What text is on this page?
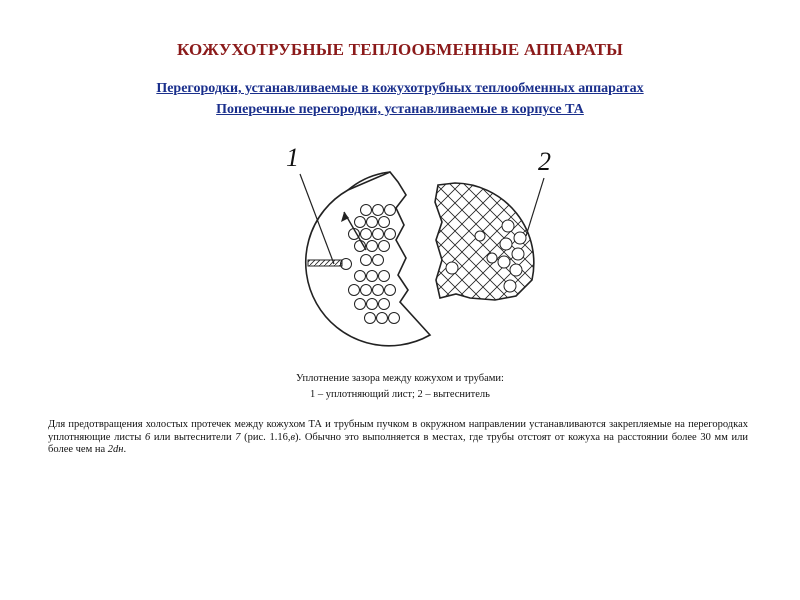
КОЖУХОТРУБНЫЕ ТЕПЛООБМЕННЫЕ АППАРАТЫ
Перегородки, устанавливаемые в кожухотрубных теплообменных аппаратах
Поперечные перегородки, устанавливаемые в корпусе ТА
1	2
Уплотнение зазора между кожухом и трубами:
1 – уплотняющий лист; 2 – вытеснитель
Для предотвращения холостых протечек между кожухом ТА и трубным пучком в окружном направлении устанавливаются закрепляемые на перегородках уплотняющие листы 6 или вытеснители 7 (рис. 1.16,в). Обычно это выполняется в местах, где трубы отстоят от кожуха на расстоянии более 30 мм или более чем на 2dн.
